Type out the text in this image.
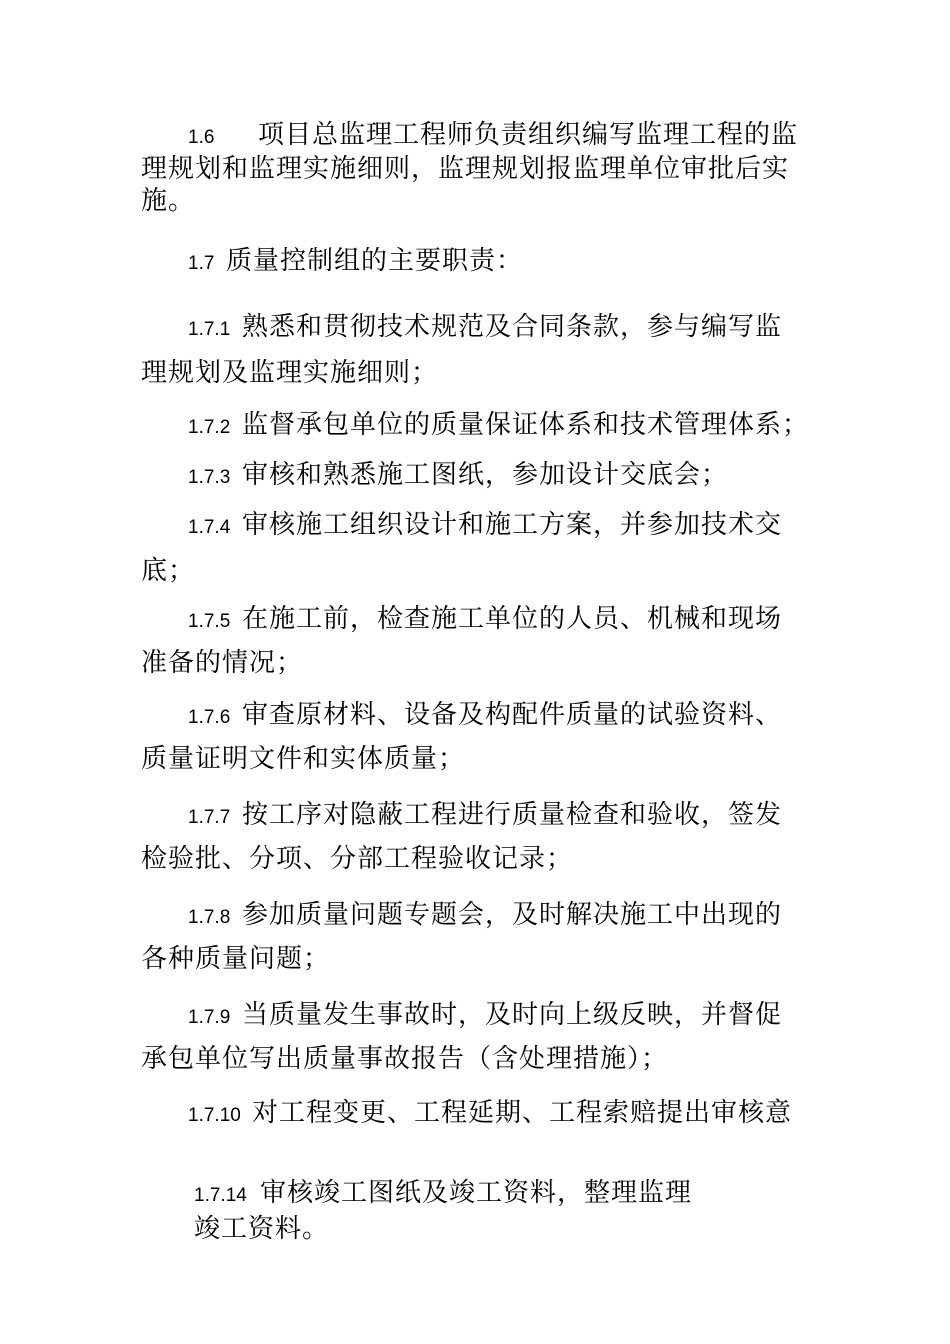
1.6 项目总监理工程师负责组织编写监理工程的监
理规划和监理实施细则，监理规划报监理单位审批后实
施。
1.7 质量控制组的主要职责：
1.7.1 熟悉和贯彻技术规范及合同条款，参与编写监
理规划及监理实施细则；
1.7.2 监督承包单位的质量保证体系和技术管理体系；
1.7.3 审核和熟悉施工图纸，参加设计交底会；
1.7.4 审核施工组织设计和施工方案，并参加技术交
底；
1.7.5 在施工前，检查施工单位的人员、机械和现场
准备的情况；
1.7.6 审查原材料、设备及构配件质量的试验资料、
质量证明文件和实体质量；
1.7.7 按工序对隐蔽工程进行质量检查和验收，签发
检验批、分项、分部工程验收记录；
1.7.8 参加质量问题专题会，及时解决施工中出现的
各种质量问题；
1.7.9 当质量发生事故时，及时向上级反映，并督促
承包单位写出质量事故报告（含处理措施）；
1.7.10 对工程变更、工程延期、工程索赔提出审核意
1.7.14 审核竣工图纸及竣工资料，整理监理
竣工资料。
